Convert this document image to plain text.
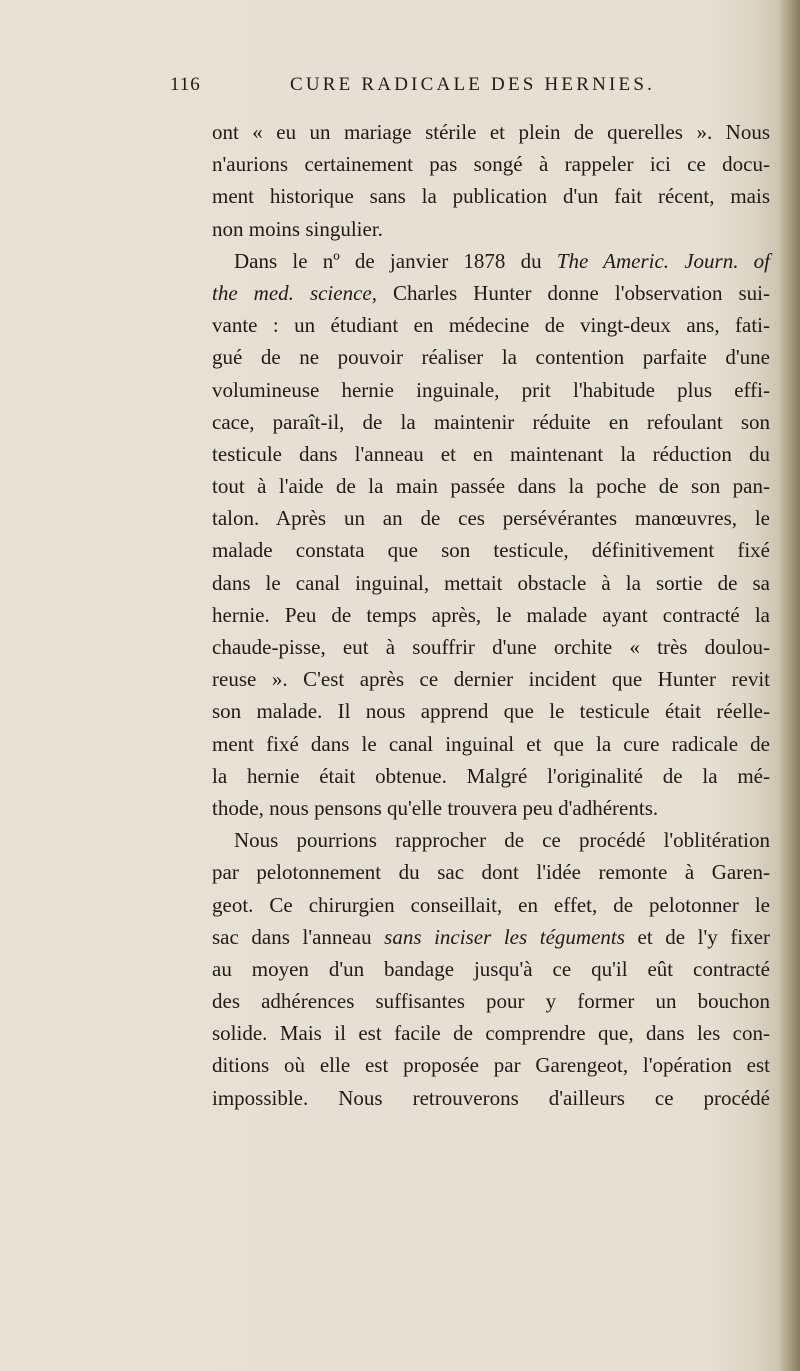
116	CURE RADICALE DES HERNIES.
ont « eu un mariage stérile et plein de querelles ». Nous
n'aurions certainement pas songé à rappeler ici ce docu-
ment historique sans la publication d'un fait récent, mais
non moins singulier.
Dans le nº de janvier 1878 du The Americ. Journ. of
the med. science, Charles Hunter donne l'observation sui-
vante : un étudiant en médecine de vingt-deux ans, fati-
gué de ne pouvoir réaliser la contention parfaite d'une
volumineuse hernie inguinale, prit l'habitude plus effi-
cace, paraît-il, de la maintenir réduite en refoulant son
testicule dans l'anneau et en maintenant la réduction du
tout à l'aide de la main passée dans la poche de son pan-
talon. Après un an de ces persévérantes manœuvres, le
malade constata que son testicule, définitivement fixé
dans le canal inguinal, mettait obstacle à la sortie de sa
hernie. Peu de temps après, le malade ayant contracté la
chaude-pisse, eut à souffrir d'une orchite « très doulou-
reuse ». C'est après ce dernier incident que Hunter revit
son malade. Il nous apprend que le testicule était réelle-
ment fixé dans le canal inguinal et que la cure radicale de
la hernie était obtenue. Malgré l'originalité de la mé-
thode, nous pensons qu'elle trouvera peu d'adhérents.
Nous pourrions rapprocher de ce procédé l'oblitération
par pelotonnement du sac dont l'idée remonte à Garen-
geot. Ce chirurgien conseillait, en effet, de pelotonner le
sac dans l'anneau sans inciser les téguments et de l'y fixer
au moyen d'un bandage jusqu'à ce qu'il eût contracté
des adhérences suffisantes pour y former un bouchon
solide. Mais il est facile de comprendre que, dans les con-
ditions où elle est proposée par Garengeot, l'opération est
impossible. Nous retrouverons d'ailleurs ce procédé
